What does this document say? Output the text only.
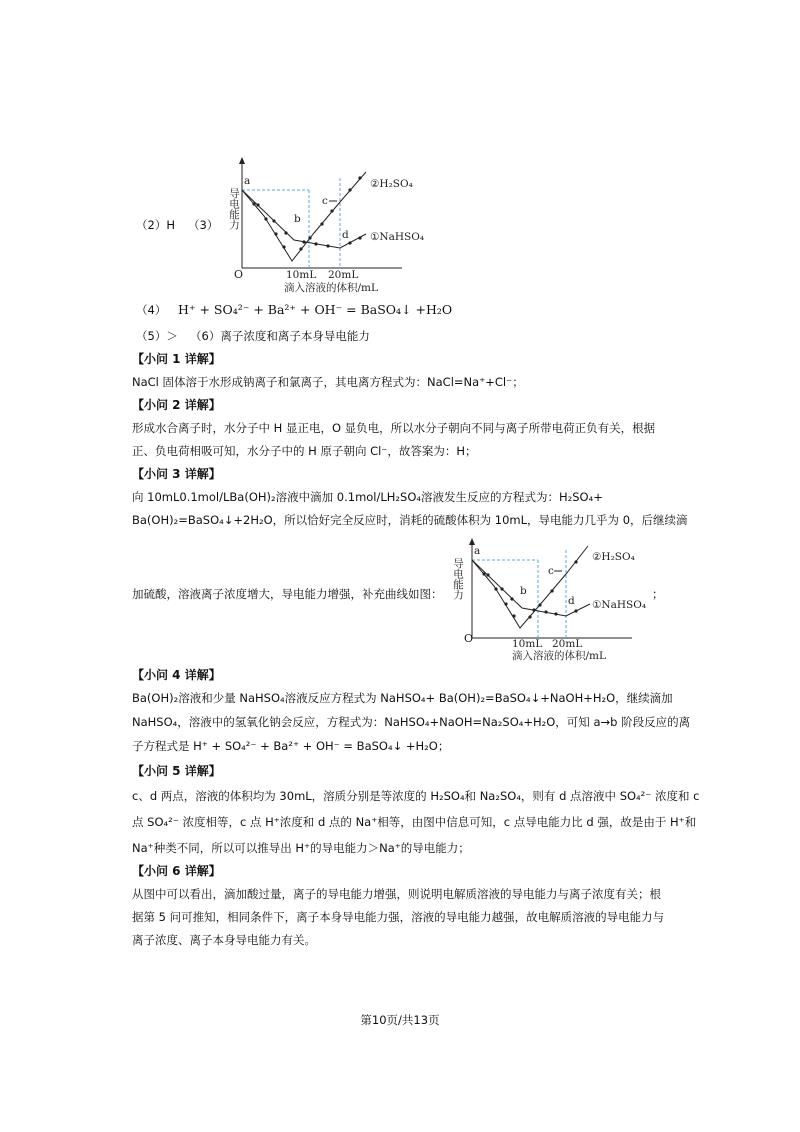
（2）H （3）
a
b
c
d
②H₂SO₄
①NaHSO₄
O	10mL 20mL
滴入溶液的体积/mL
导电能力
（4） H⁺ + SO₄²⁻ + Ba²⁺ + OH⁻ = BaSO₄↓ +H₂O
（5）＞ （6）离子浓度和离子本身导电能力
【小问 1 详解】
NaCl 固体溶于水形成钠离子和氯离子，其电离方程式为：NaCl=Na⁺+Cl⁻；
【小问 2 详解】
形成水合离子时，水分子中 H 显正电，O 显负电，所以水分子朝向不同与离子所带电荷正负有关，根据
正、负电荷相吸可知，水分子中的 H 原子朝向 Cl⁻，故答案为：H；
【小问 3 详解】
向 10mL0.1mol/LBa(OH)₂溶液中滴加 0.1mol/LH₂SO₄溶液发生反应的方程式为：H₂SO₄+
Ba(OH)₂=BaSO₄↓+2H₂O，所以恰好完全反应时，消耗的硫酸体积为 10mL，导电能力几乎为 0，后继续滴
加硫酸，溶液离子浓度增大，导电能力增强，补充曲线如图：
a
b
c
d
②H₂SO₄
①NaHSO₄
O	10mL 20mL
滴入溶液的体积/mL
导电能力	；
【小问 4 详解】
Ba(OH)₂溶液和少量 NaHSO₄溶液反应方程式为 NaHSO₄+ Ba(OH)₂=BaSO₄↓+NaOH+H₂O，继续滴加
NaHSO₄，溶液中的氢氧化钠会反应，方程式为：NaHSO₄+NaOH=Na₂SO₄+H₂O，可知 a→b 阶段反应的离
子方程式是 H⁺ + SO₄²⁻ + Ba²⁺ + OH⁻ = BaSO₄↓ +H₂O；
【小问 5 详解】
c、d 两点，溶液的体积均为 30mL，溶质分别是等浓度的 H₂SO₄和 Na₂SO₄，则有 d 点溶液中 SO₄²⁻ 浓度和 c
点 SO₄²⁻ 浓度相等，c 点 H⁺浓度和 d 点的 Na⁺相等，由图中信息可知，c 点导电能力比 d 强，故是由于 H⁺和
Na⁺种类不同，所以可以推导出 H⁺的导电能力＞Na⁺的导电能力；
【小问 6 详解】
从图中可以看出，滴加酸过量，离子的导电能力增强，则说明电解质溶液的导电能力与离子浓度有关；根
据第 5 问可推知，相同条件下，离子本身导电能力强，溶液的导电能力越强，故电解质溶液的导电能力与
离子浓度、离子本身导电能力有关。
第10页/共13页
